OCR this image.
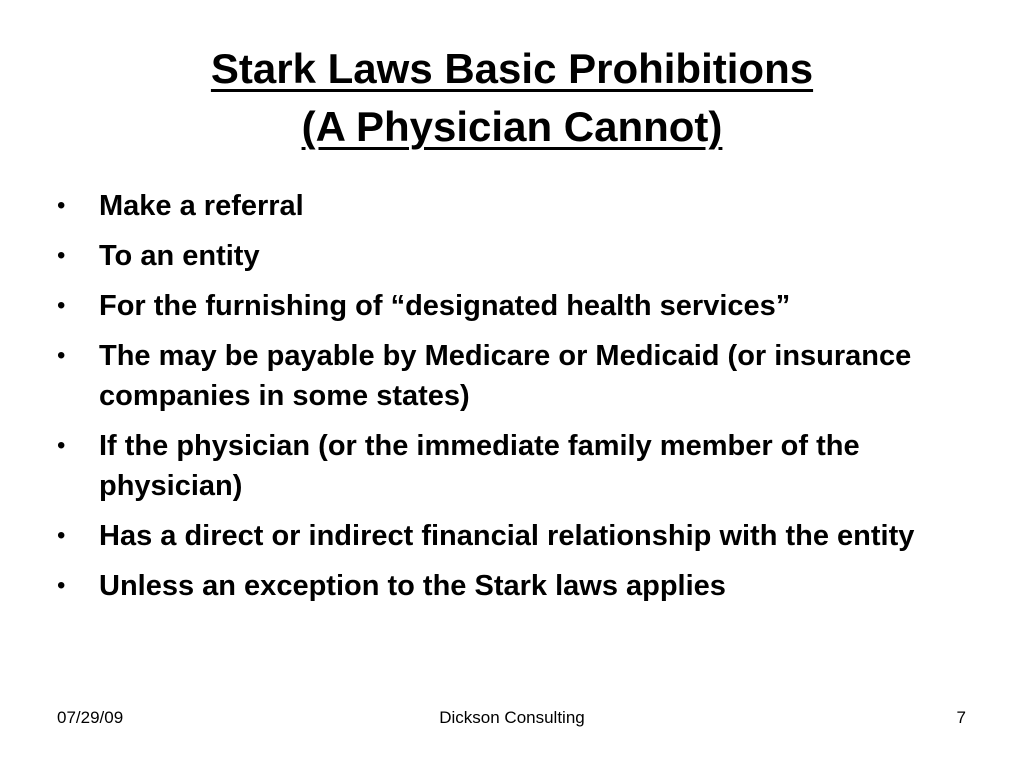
Stark Laws Basic Prohibitions
(A Physician Cannot)
• Make a referral
• To an entity
• For the furnishing of “designated health services”
• The may be payable by Medicare or Medicaid (or insurance companies in some states)
• If the physician (or the immediate family member of the physician)
• Has a direct or indirect financial relationship with the entity
• Unless an exception to the Stark laws applies
07/29/09	Dickson Consulting	7
